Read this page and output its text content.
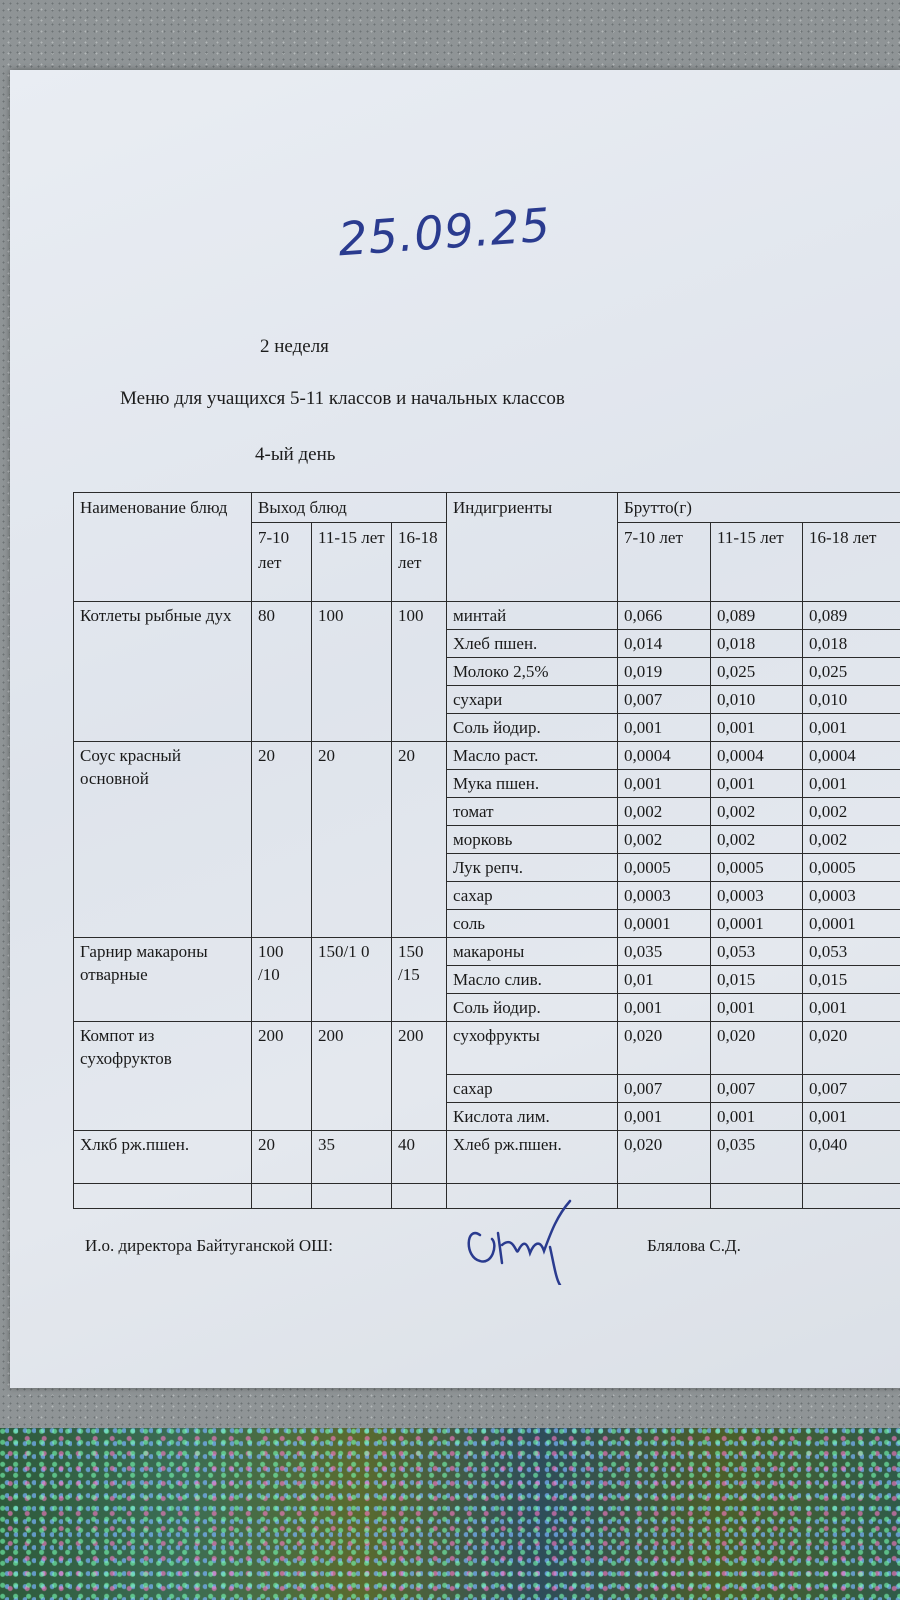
25.09.25

2 неделя

Меню для учащихся 5-11 классов и начальных классов

4-ый день

Наименование блюд	Выход блюд			Индигриенты	Брутто(г)		
	7-10 лет	11-15 лет	16-18 лет		7-10 лет	11-15 лет	16-18 лет
Котлеты рыбные дух	80	100	100	минтай	0,066	0,089	0,089
				Хлеб пшен.	0,014	0,018	0,018
				Молоко 2,5%	0,019	0,025	0,025
				сухари	0,007	0,010	0,010
				Соль йодир.	0,001	0,001	0,001
Соус красный основной	20	20	20	Масло раст.	0,0004	0,0004	0,0004
				Мука пшен.	0,001	0,001	0,001
				томат	0,002	0,002	0,002
				морковь	0,002	0,002	0,002
				Лук репч.	0,0005	0,0005	0,0005
				сахар	0,0003	0,0003	0,0003
				соль	0,0001	0,0001	0,0001
Гарнир макароны отварные	100 /10	150/1 0	150 /15	макароны	0,035	0,053	0,053
				Масло слив.	0,01	0,015	0,015
				Соль йодир.	0,001	0,001	0,001
Компот из сухофруктов	200	200	200	сухофрукты	0,020	0,020	0,020
				сахар	0,007	0,007	0,007
				Кислота лим.	0,001	0,001	0,001
Хлкб рж.пшен.	20	35	40	Хлеб рж.пшен.	0,020	0,035	0,040

И.о. директора Байтуганской ОШ:	Блялова С.Д.
